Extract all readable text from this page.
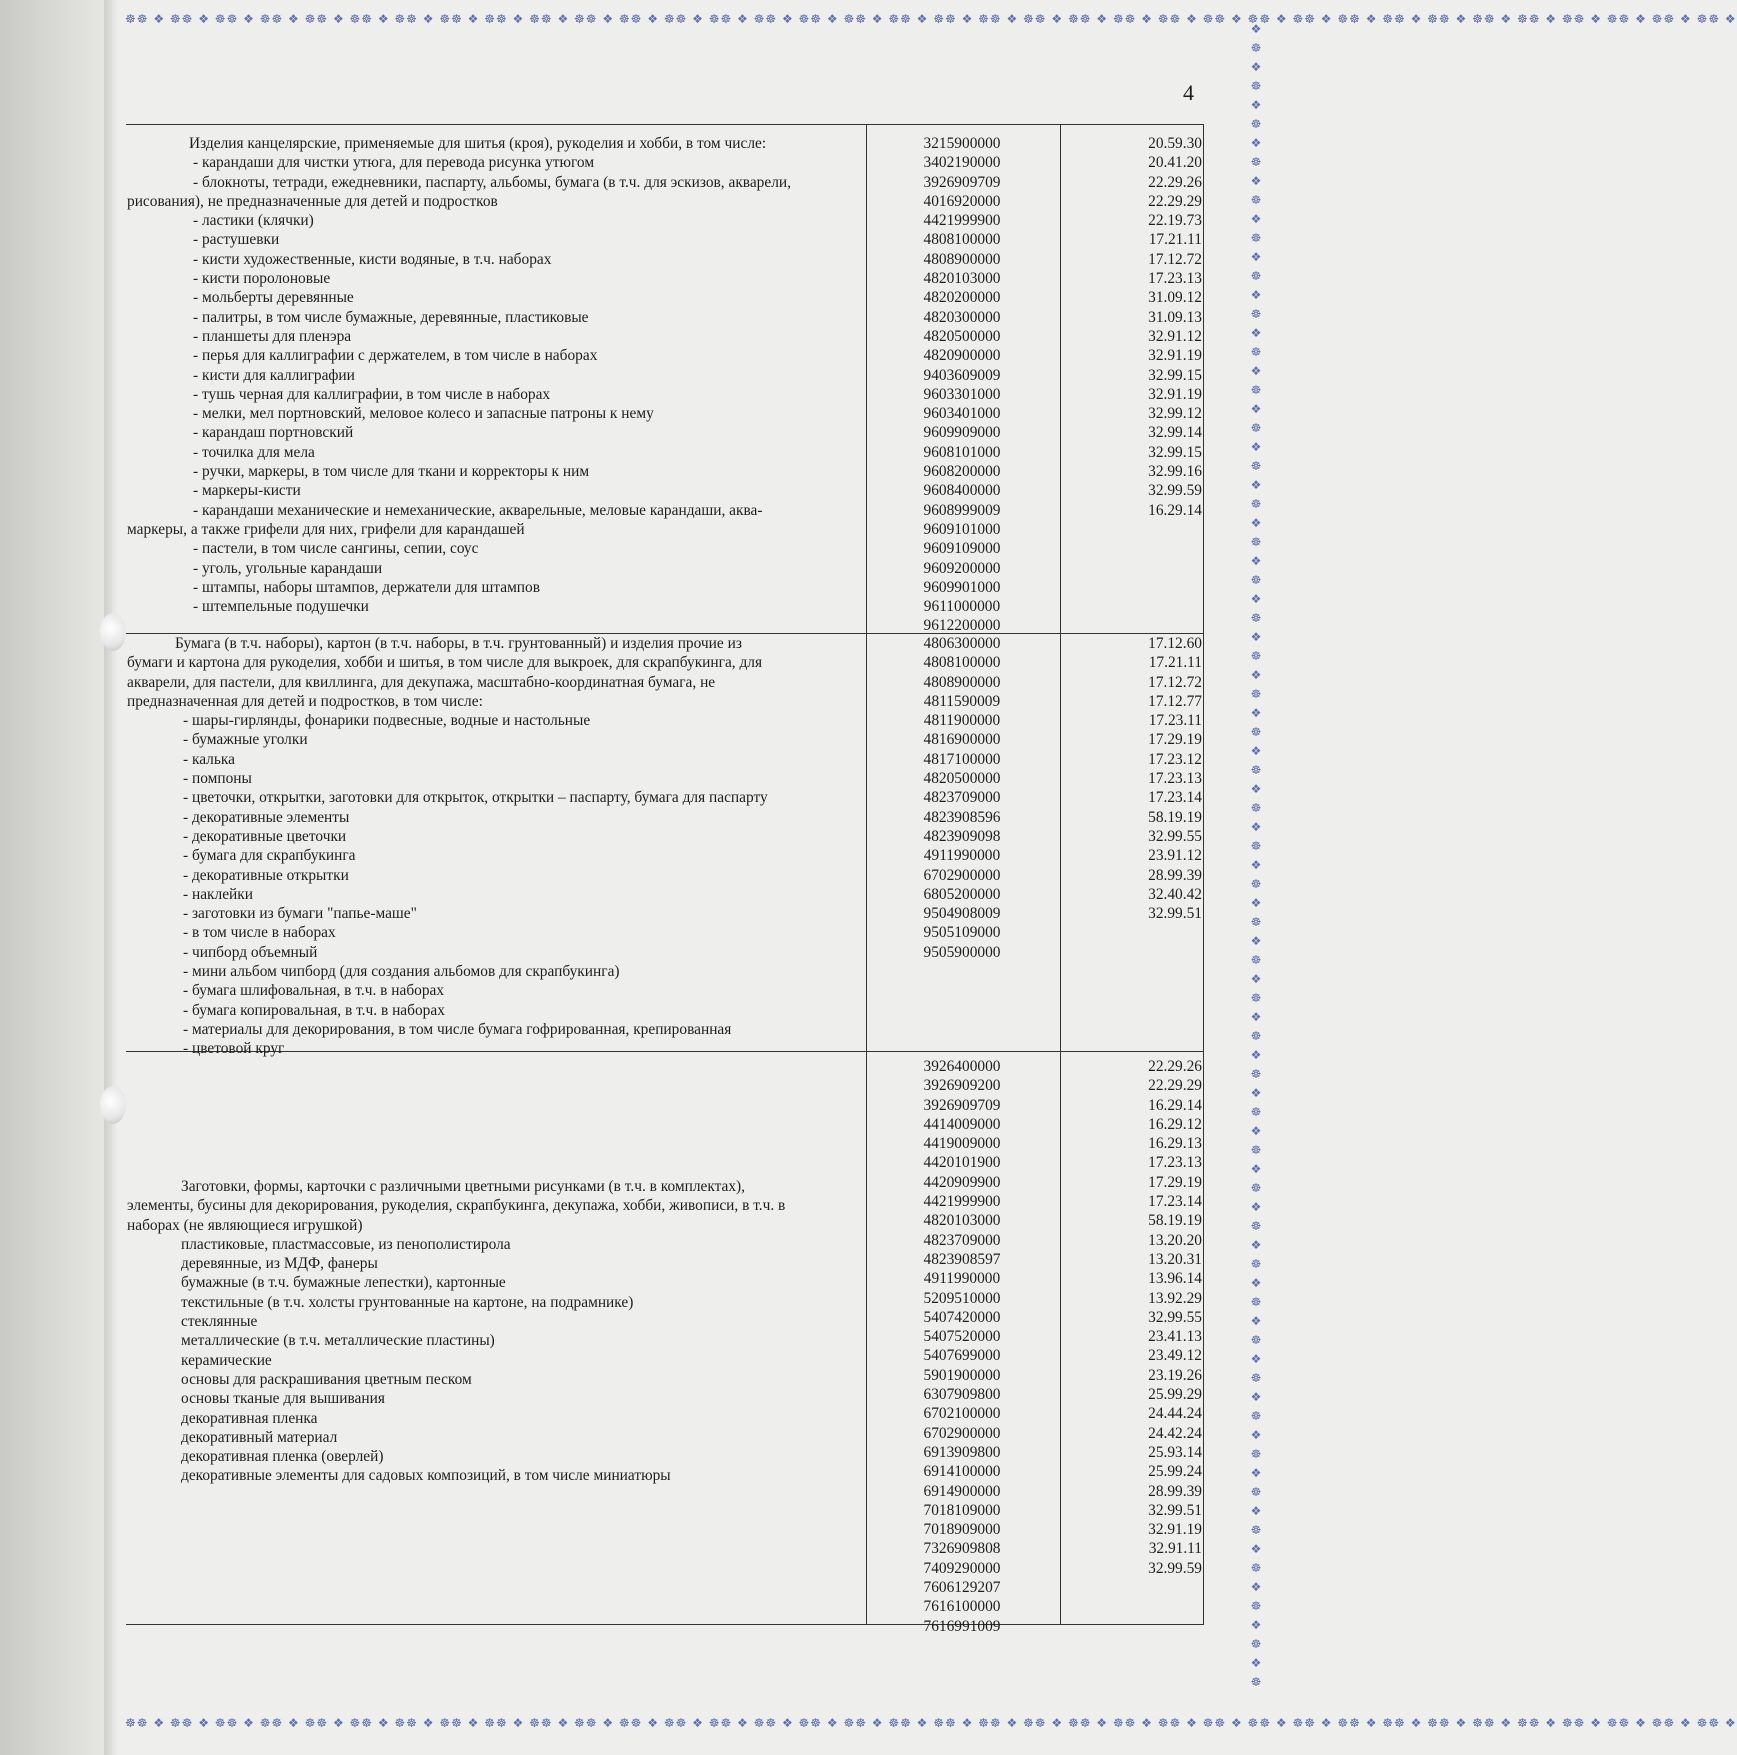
☸☸ ❖ ☸☸ ❖ ☸☸ ❖ ☸☸ ❖ ☸☸ ❖ ☸☸ ❖ ☸☸ ❖ ☸☸ ❖ ☸☸ ❖ ☸☸ ❖ ☸☸ ❖ ☸☸ ❖ ☸☸ ❖ ☸☸ ❖ ☸☸ ❖ ☸☸ ❖ ☸☸ ❖ ☸☸ ❖ ☸☸ ❖ ☸☸ ❖ ☸☸ ❖ ☸☸ ❖ ☸☸ ❖ ☸☸ ❖ ☸☸ ❖ ☸☸ ❖ ☸☸ ❖ ☸☸ ❖ ☸☸ ❖ ☸☸ ❖ ☸☸ ❖ ☸☸ ❖ ☸☸ ❖ ☸☸ ❖ ☸☸ ❖ ☸☸ ❖
☸☸ ❖ ☸☸ ❖ ☸☸ ❖ ☸☸ ❖ ☸☸ ❖ ☸☸ ❖ ☸☸ ❖ ☸☸ ❖ ☸☸ ❖ ☸☸ ❖ ☸☸ ❖ ☸☸ ❖ ☸☸ ❖ ☸☸ ❖ ☸☸ ❖ ☸☸ ❖ ☸☸ ❖ ☸☸ ❖ ☸☸ ❖ ☸☸ ❖ ☸☸ ❖ ☸☸ ❖ ☸☸ ❖ ☸☸ ❖ ☸☸ ❖ ☸☸ ❖ ☸☸ ❖ ☸☸ ❖ ☸☸ ❖ ☸☸ ❖ ☸☸ ❖ ☸☸ ❖ ☸☸ ❖ ☸☸ ❖ ☸☸ ❖ ☸☸ ❖
❖
☸
❖
☸
❖
☸
❖
☸
❖
☸
❖
☸
❖
☸
❖
☸
❖
☸
❖
☸
❖
☸
❖
☸
❖
☸
❖
☸
❖
☸
❖
☸
❖
☸
❖
☸
❖
☸
❖
☸
❖
☸
❖
☸
❖
☸
❖
☸
❖
☸
❖
☸
❖
☸
❖
☸
❖
☸
❖
☸
❖
☸
❖
☸
❖
☸
❖
☸
❖
☸
❖
☸
❖
☸
❖
☸
❖
☸
❖
☸
❖
☸
❖
☸
❖
☸
❖
☸
4
Изделия канцелярские, применяемые для шитья (кроя), рукоделия и хобби, в том числе:
- карандаши для чистки утюга, для перевода рисунка утюгом
- блокноты, тетради, ежедневники, паспарту, альбомы, бумага (в т.ч. для эскизов, акварели,
рисования), не предназначенные для детей и подростков
- ластики (клячки)
- растушевки
- кисти художественные, кисти водяные, в т.ч. наборах
- кисти поролоновые
- мольберты деревянные
- палитры, в том числе бумажные, деревянные, пластиковые
- планшеты для пленэра
- перья для каллиграфии с держателем, в том числе в наборах
- кисти для каллиграфии
- тушь черная для каллиграфии, в том числе в наборах
- мелки, мел портновский, меловое колесо и запасные патроны к нему
- карандаш портновский
- точилка для мела
- ручки, маркеры, в том числе для ткани и корректоры к ним
- маркеры-кисти
- карандаши механические и немеханические, акварельные, меловые карандаши, аква-
маркеры, а также грифели для них, грифели для карандашей
- пастели, в том числе сангины, сепии, соус
- уголь, угольные карандаши
- штампы, наборы штампов, держатели для штампов
- штемпельные подушечки
3215900000
3402190000
3926909709
4016920000
4421999900
4808100000
4808900000
4820103000
4820200000
4820300000
4820500000
4820900000
9403609009
9603301000
9603401000
9609909000
9608101000
9608200000
9608400000
9608999009
9609101000
9609109000
9609200000
9609901000
9611000000
9612200000
20.59.30
20.41.20
22.29.26
22.29.29
22.19.73
17.21.11
17.12.72
17.23.13
31.09.12
31.09.13
32.91.12
32.91.19
32.99.15
32.91.19
32.99.12
32.99.14
32.99.15
32.99.16
32.99.59
16.29.14
Бумага (в т.ч. наборы), картон (в т.ч. наборы, в т.ч. грунтованный) и изделия прочие из
бумаги и картона для рукоделия, хобби и шитья, в том числе для выкроек, для скрапбукинга, для
акварели, для пастели, для квиллинга, для декупажа, масштабно-координатная бумага, не
предназначенная для детей и подростков, в том числе:
- шары-гирлянды, фонарики подвесные, водные и настольные
- бумажные уголки
- калька
- помпоны
- цветочки, открытки, заготовки для открыток, открытки – паспарту, бумага для паспарту
- декоративные элементы
- декоративные цветочки
- бумага для скрапбукинга
- декоративные открытки
- наклейки
- заготовки из бумаги "папье-маше"
- в том числе в наборах
- чипборд объемный
- мини альбом чипборд (для создания альбомов для скрапбукинга)
- бумага шлифовальная, в т.ч. в наборах
- бумага копировальная, в т.ч. в наборах
- материалы для декорирования, в том числе бумага гофрированная, крепированная
- цветовой круг
4806300000
4808100000
4808900000
4811590009
4811900000
4816900000
4817100000
4820500000
4823709000
4823908596
4823909098
4911990000
6702900000
6805200000
9504908009
9505109000
9505900000
17.12.60
17.21.11
17.12.72
17.12.77
17.23.11
17.29.19
17.23.12
17.23.13
17.23.14
58.19.19
32.99.55
23.91.12
28.99.39
32.40.42
32.99.51
Заготовки, формы, карточки с различными цветными рисунками (в т.ч. в комплектах),
элементы, бусины для декорирования, рукоделия, скрапбукинга, декупажа, хобби, живописи, в т.ч. в
наборах (не являющиеся игрушкой)
пластиковые, пластмассовые, из пенополистирола
деревянные, из МДФ, фанеры
бумажные (в т.ч. бумажные лепестки), картонные
текстильные (в т.ч. холсты грунтованные на картоне, на подрамнике)
стеклянные
металлические (в т.ч. металлические пластины)
керамические
основы для раскрашивания цветным песком
основы тканые для вышивания
декоративная пленка
декоративный материал
декоративная пленка (оверлей)
декоративные элементы для садовых композиций, в том числе миниатюры
3926400000
3926909200
3926909709
4414009000
4419009000
4420101900
4420909900
4421999900
4820103000
4823709000
4823908597
4911990000
5209510000
5407420000
5407520000
5407699000
5901900000
6307909800
6702100000
6702900000
6913909800
6914100000
6914900000
7018109000
7018909000
7326909808
7409290000
7606129207
7616100000
7616991009
22.29.26
22.29.29
16.29.14
16.29.12
16.29.13
17.23.13
17.29.19
17.23.14
58.19.19
13.20.20
13.20.31
13.96.14
13.92.29
32.99.55
23.41.13
23.49.12
23.19.26
25.99.29
24.44.24
24.42.24
25.93.14
25.99.24
28.99.39
32.99.51
32.91.19
32.91.11
32.99.59
